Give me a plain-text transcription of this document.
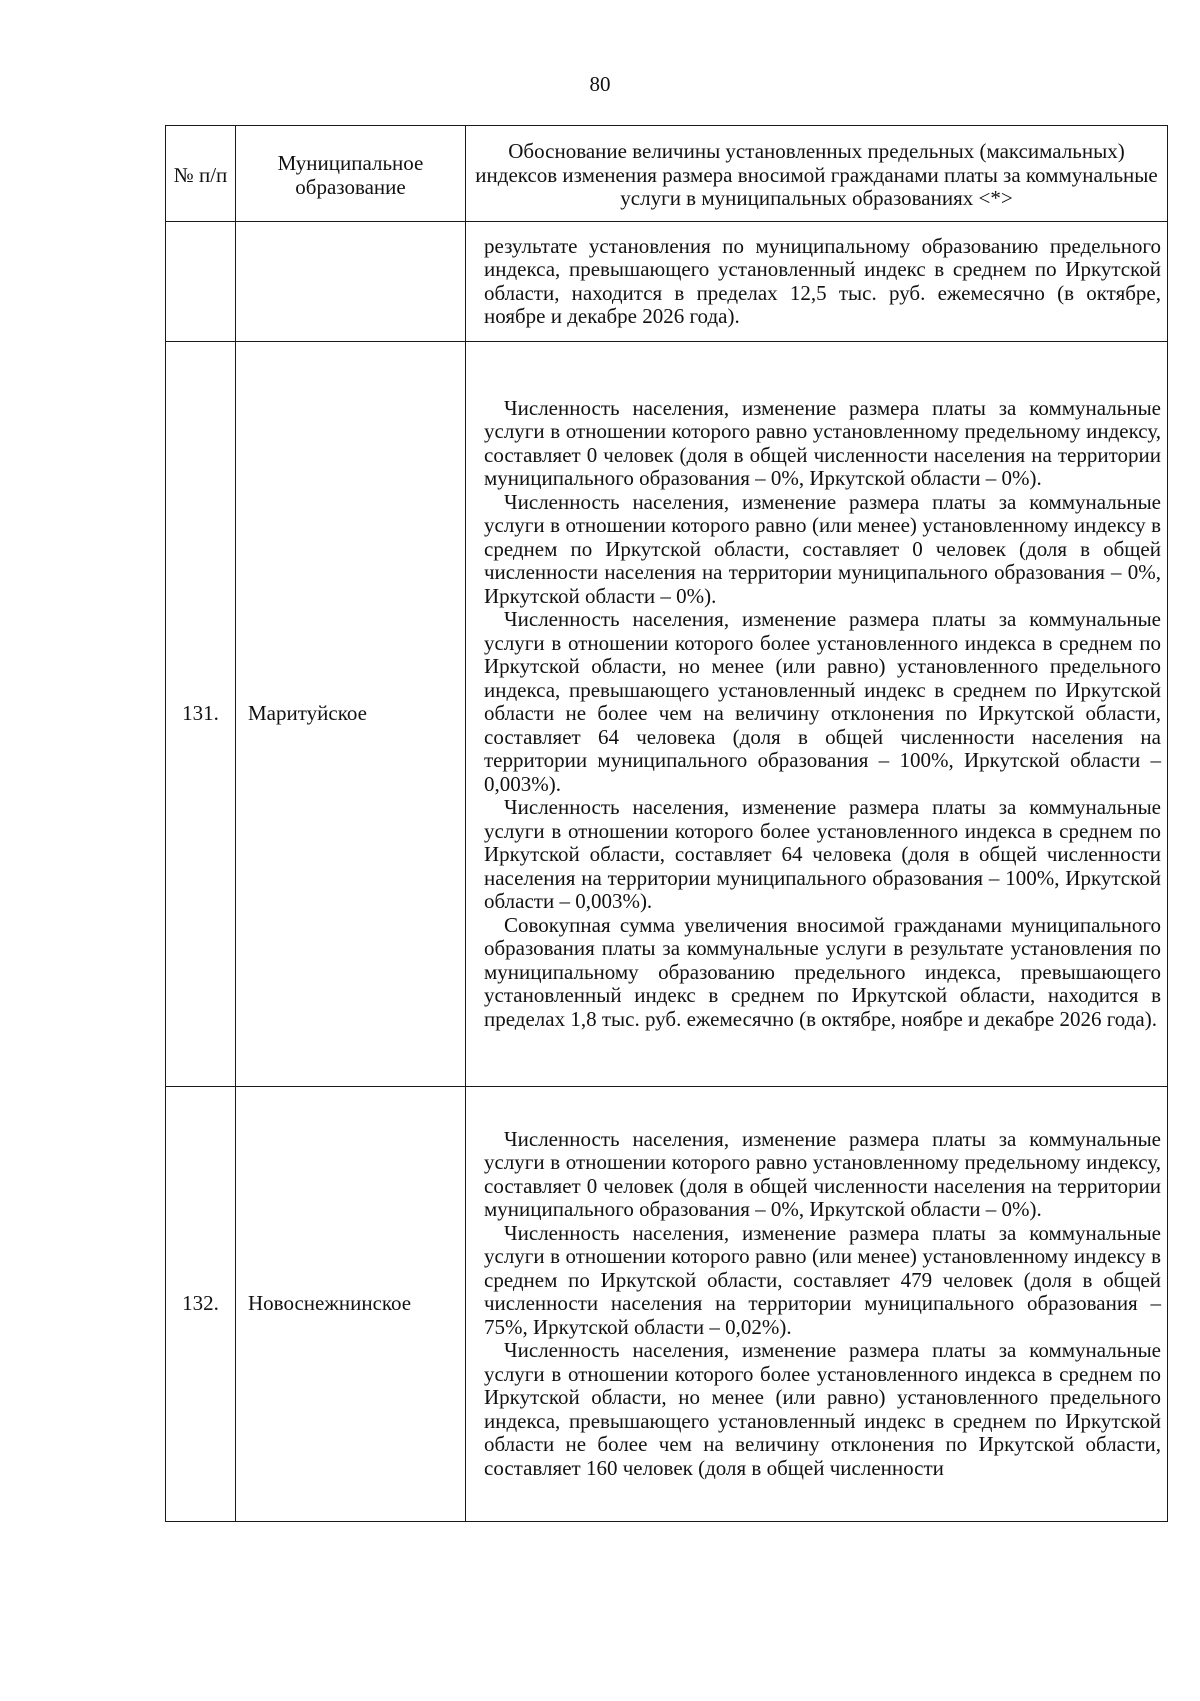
80
№ п/п	Муниципальное образование	Обоснование величины установленных предельных (максимальных) индексов изменения размера вносимой гражданами платы за коммунальные услуги в муниципальных образованиях <*>

		результате установления по муниципальному образованию предельного индекса, превышающего установленный индекс в среднем по Иркутской области, находится в пределах 12,5 тыс. руб. ежемесячно (в октябре, ноябре и декабре 2026 года).

131.	Маритуйское	Численность населения, изменение размера платы за коммунальные услуги в отношении которого равно установленному предельному индексу, составляет 0 человек (доля в общей численности населения на территории муниципального образования – 0%, Иркутской области – 0%).

Численность населения, изменение размера платы за коммунальные услуги в отношении которого равно (или менее) установленному индексу в среднем по Иркутской области, составляет 0 человек (доля в общей численности населения на территории муниципального образования – 0%, Иркутской области – 0%).

Численность населения, изменение размера платы за коммунальные услуги в отношении которого более установленного индекса в среднем по Иркутской области, но менее (или равно) установленного предельного индекса, превышающего установленный индекс в среднем по Иркутской области не более чем на величину отклонения по Иркутской области, составляет 64 человека (доля в общей численности населения на территории муниципального образования – 100%, Иркутской области – 0,003%).

Численность населения, изменение размера платы за коммунальные услуги в отношении которого более установленного индекса в среднем по Иркутской области, составляет 64 человека (доля в общей численности населения на территории муниципального образования – 100%, Иркутской области – 0,003%).

Совокупная сумма увеличения вносимой гражданами муниципального образования платы за коммунальные услуги в результате установления по муниципальному образованию предельного индекса, превышающего установленный индекс в среднем по Иркутской области, находится в пределах 1,8 тыс. руб. ежемесячно (в октябре, ноябре и декабре 2026 года).

132.	Новоснежнинское	Численность населения, изменение размера платы за коммунальные услуги в отношении которого равно установленному предельному индексу, составляет 0 человек (доля в общей численности населения на территории муниципального образования – 0%, Иркутской области – 0%).

Численность населения, изменение размера платы за коммунальные услуги в отношении которого равно (или менее) установленному индексу в среднем по Иркутской области, составляет 479 человек (доля в общей численности населения на территории муниципального образования – 75%, Иркутской области – 0,02%).

Численность населения, изменение размера платы за коммунальные услуги в отношении которого более установленного индекса в среднем по Иркутской области, но менее (или равно) установленного предельного индекса, превышающего установленный индекс в среднем по Иркутской области не более чем на величину отклонения по Иркутской области, составляет 160 человек (доля в общей численности
